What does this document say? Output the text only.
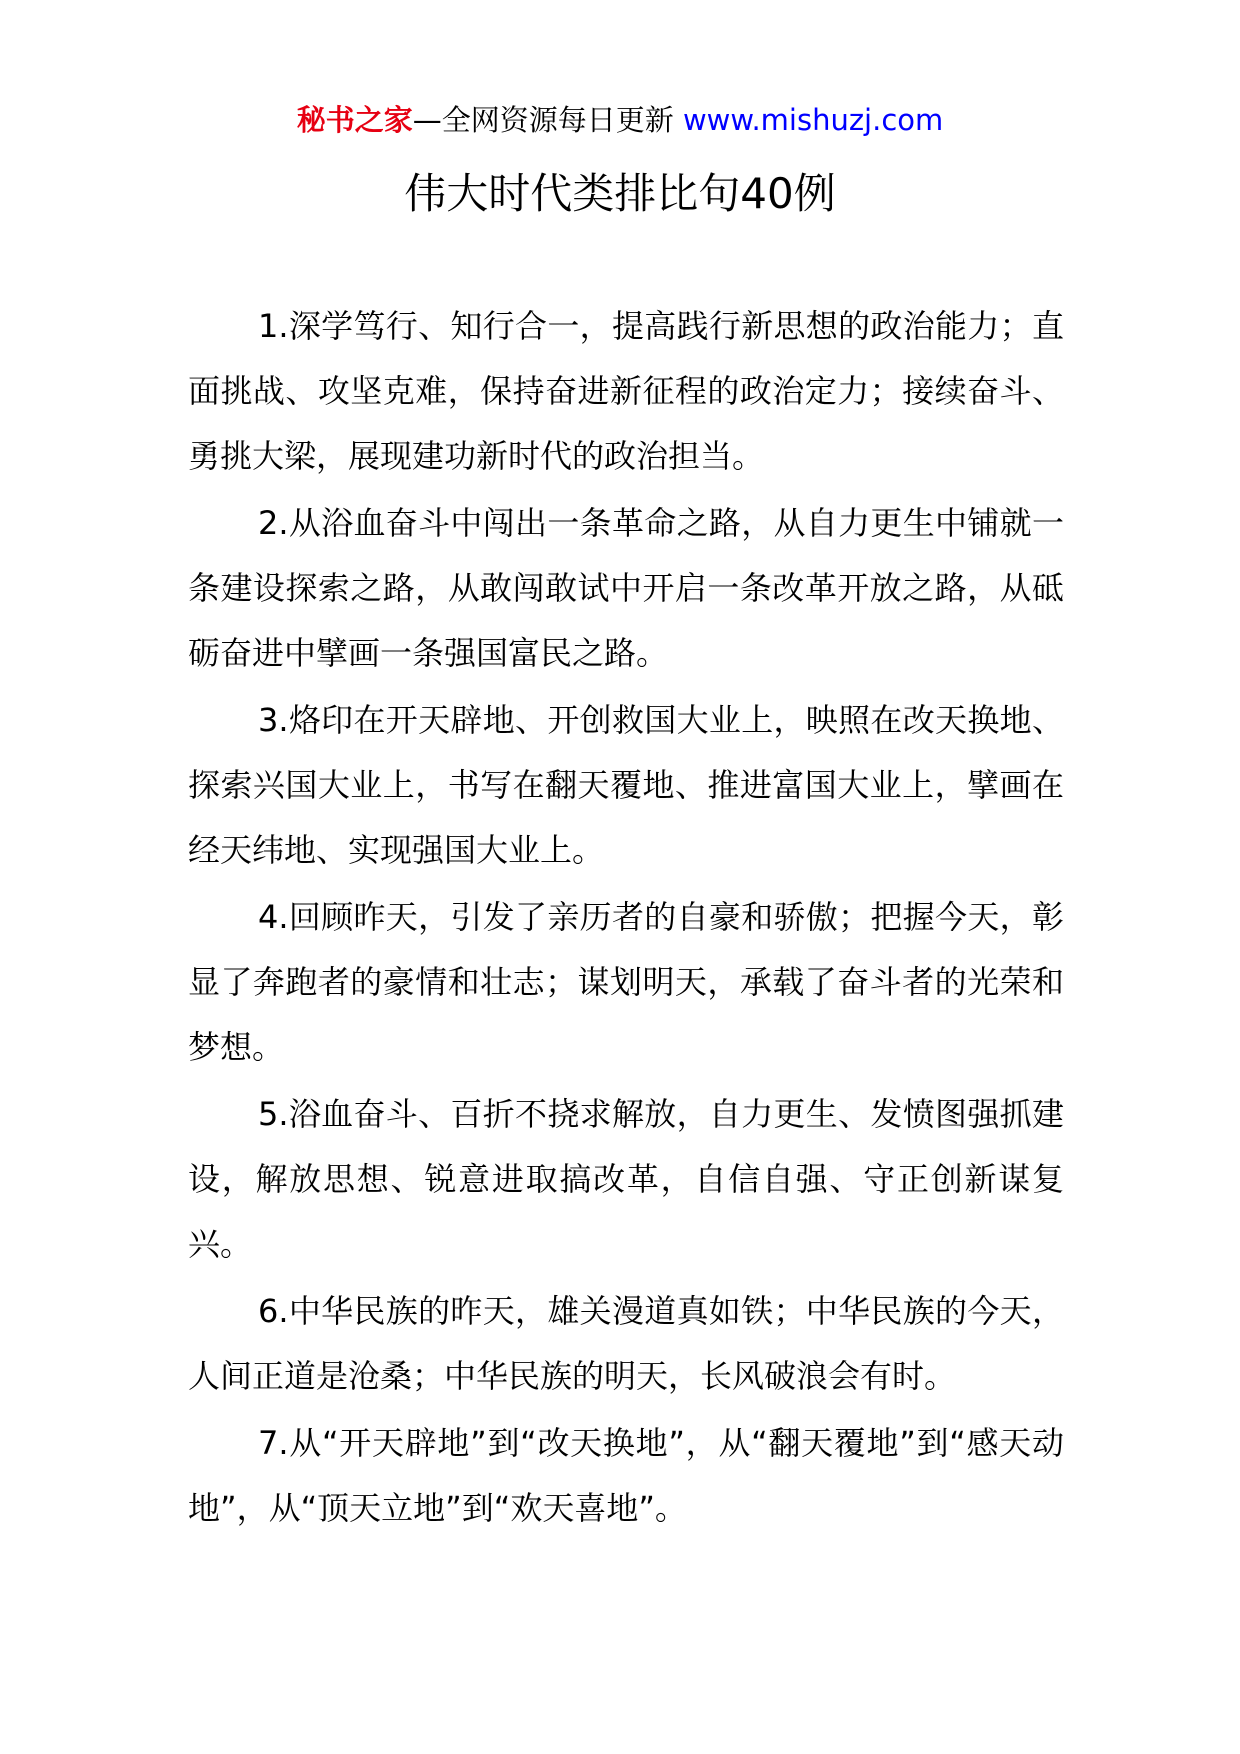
秘书之家—全网资源每日更新 www.mishuzj.com
伟大时代类排比句40例

1.深学笃行、知行合一，提高践行新思想的政治能力；直面挑战、攻坚克难，保持奋进新征程的政治定力；接续奋斗、勇挑大梁，展现建功新时代的政治担当。

2.从浴血奋斗中闯出一条革命之路，从自力更生中铺就一条建设探索之路，从敢闯敢试中开启一条改革开放之路，从砥砺奋进中擘画一条强国富民之路。

3.烙印在开天辟地、开创救国大业上，映照在改天换地、探索兴国大业上，书写在翻天覆地、推进富国大业上，擘画在经天纬地、实现强国大业上。

4.回顾昨天，引发了亲历者的自豪和骄傲；把握今天，彰显了奔跑者的豪情和壮志；谋划明天，承载了奋斗者的光荣和梦想。

5.浴血奋斗、百折不挠求解放，自力更生、发愤图强抓建设，解放思想、锐意进取搞改革，自信自强、守正创新谋复兴。

6.中华民族的昨天，雄关漫道真如铁；中华民族的今天，人间正道是沧桑；中华民族的明天，长风破浪会有时。

7.从“开天辟地”到“改天换地”，从“翻天覆地”到“感天动地”，从“顶天立地”到“欢天喜地”。
